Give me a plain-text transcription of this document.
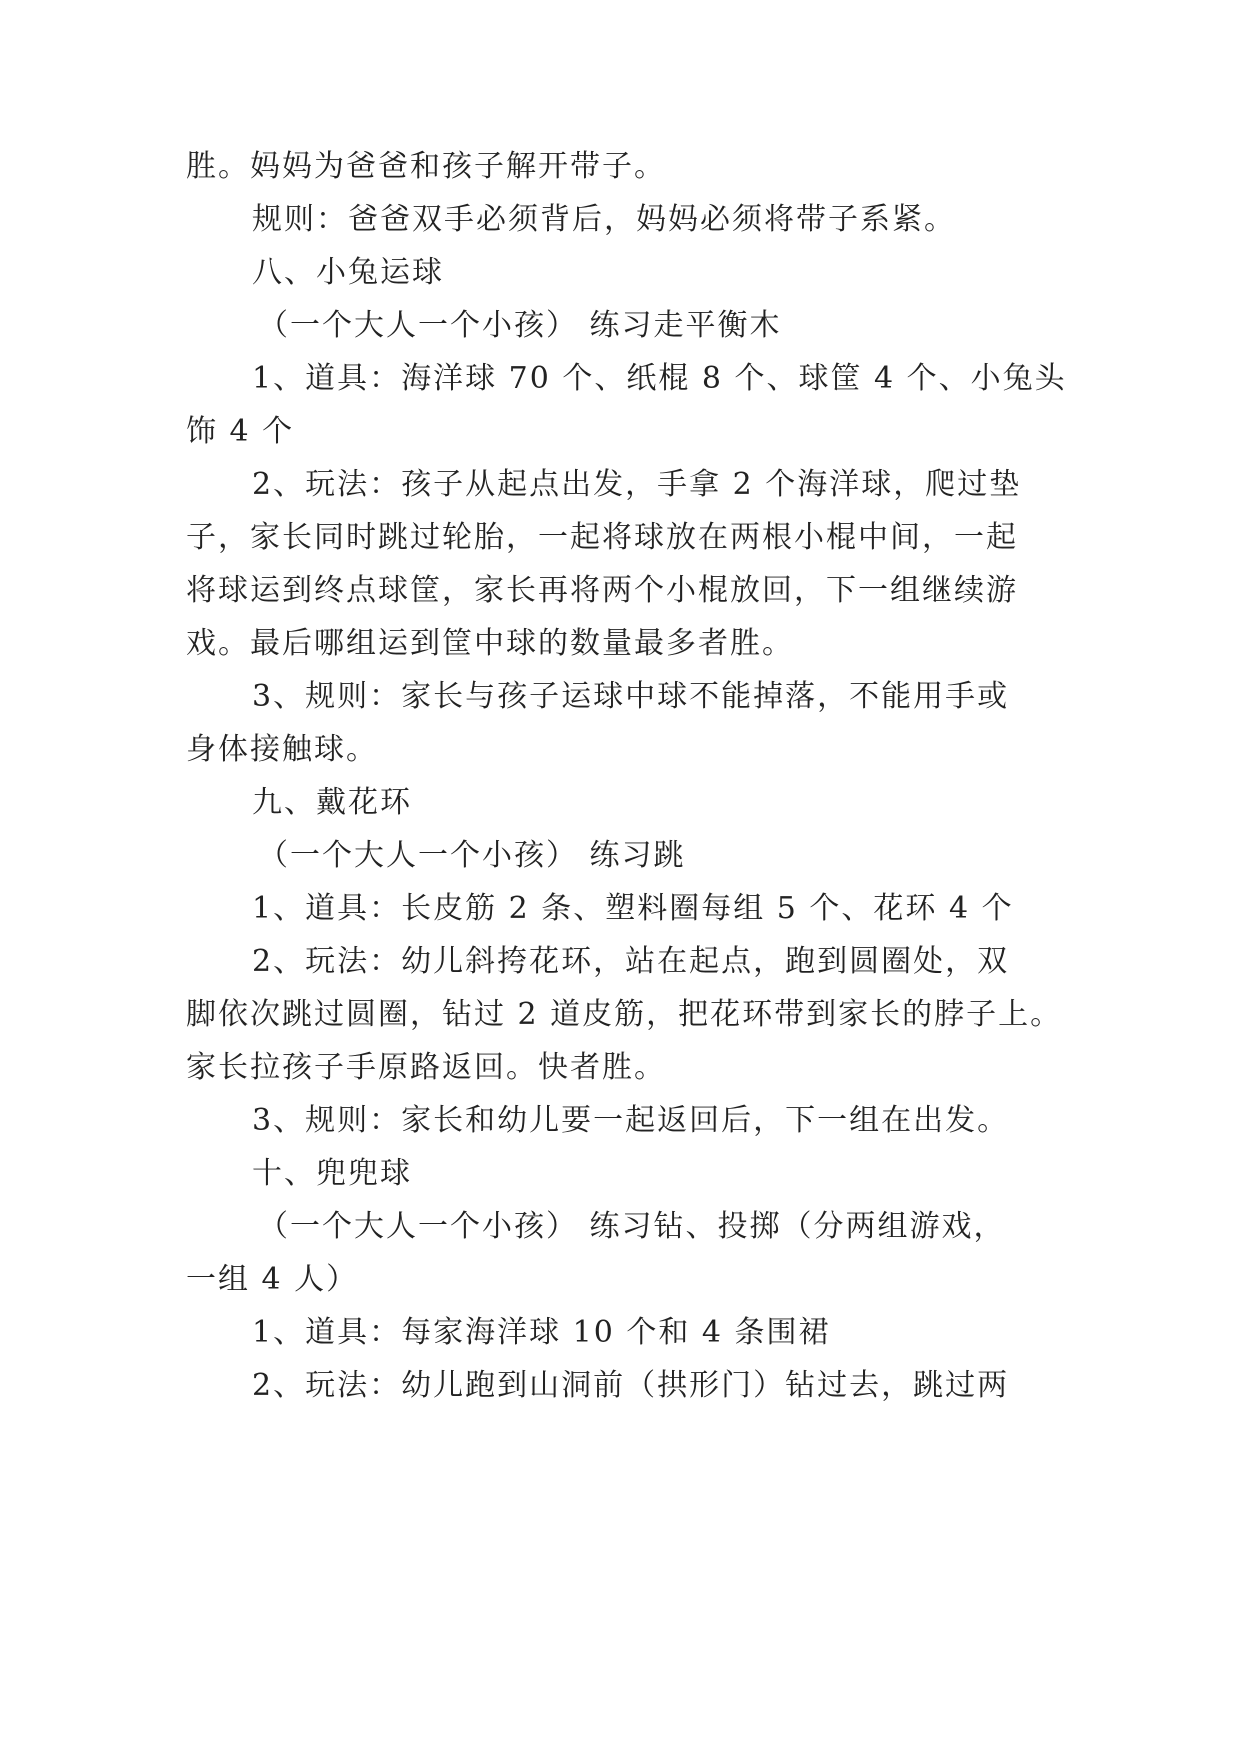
胜。妈妈为爸爸和孩子解开带子。
规则：爸爸双手必须背后，妈妈必须将带子系紧。
八、小兔运球
（一个大人一个小孩） 练习走平衡木
1、道具：海洋球 70 个、纸棍 8 个、球筐 4 个、小兔头
饰 4 个
2、玩法：孩子从起点出发，手拿 2 个海洋球，爬过垫
子，家长同时跳过轮胎，一起将球放在两根小棍中间，一起
将球运到终点球筐，家长再将两个小棍放回，下一组继续游
戏。最后哪组运到筐中球的数量最多者胜。
3、规则：家长与孩子运球中球不能掉落，不能用手或
身体接触球。
九、戴花环
（一个大人一个小孩） 练习跳
1、道具：长皮筋 2 条、塑料圈每组 5 个、花环 4 个
2、玩法：幼儿斜挎花环，站在起点，跑到圆圈处，双
脚依次跳过圆圈，钻过 2 道皮筋，把花环带到家长的脖子上。
家长拉孩子手原路返回。快者胜。
3、规则：家长和幼儿要一起返回后，下一组在出发。
十、兜兜球
（一个大人一个小孩） 练习钻、投掷（分两组游戏，
一组 4 人）
1、道具：每家海洋球 10 个和 4 条围裙
2、玩法：幼儿跑到山洞前（拱形门）钻过去，跳过两
